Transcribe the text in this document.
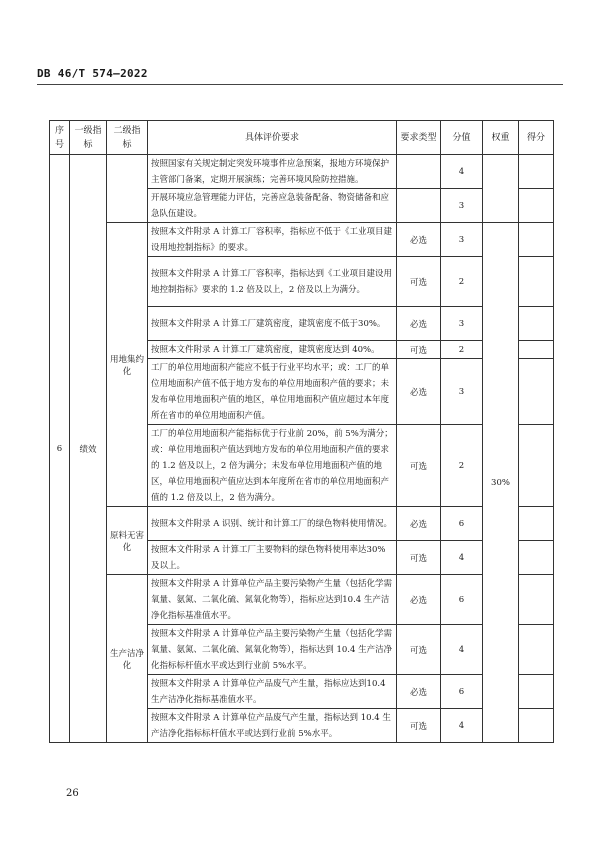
DB 46/T 574—2022
序号	一级指标	二级指标	具体评价要求	要求类型	分值	权重	得分
6	绩效		按照国家有关规定制定突发环境事件应急预案，报地方环境保护主管部门备案，定期开展演练；完善环境风险防控措施。		4		
			开展环境应急管理能力评估，完善应急装备配备、物资储备和应急队伍建设。		3		
		用地集约化	按照本文件附录 A 计算工厂容积率，指标应不低于《工业项目建设用地控制指标》的要求。	必选	3	30%	
			按照本文件附录 A 计算工厂容积率，指标达到《工业项目建设用地控制指标》要求的 1.2 倍及以上，2 倍及以上为满分。	可选	2		
			按照本文件附录 A 计算工厂建筑密度，建筑密度不低于30%。	必选	3		
			按照本文件附录 A 计算工厂建筑密度，建筑密度达到 40%。	可选	2		
			工厂的单位用地面积产能应不低于行业平均水平；或：工厂的单位用地面积产值不低于地方发布的单位用地面积产值的要求；未发布单位用地面积产值的地区，单位用地面积产值应超过本年度所在省市的单位用地面积产值。	必选	3		
			工厂的单位用地面积产能指标优于行业前 20%，前 5%为满分；或：单位用地面积产值达到地方发布的单位用地面积产值的要求的 1.2 倍及以上，2 倍为满分；未发布单位用地面积产值的地区，单位用地面积产值应达到本年度所在省市的单位用地面积产值的 1.2 倍及以上，2 倍为满分。	可选	2		
		原料无害化	按照本文件附录 A 识别、统计和计算工厂的绿色物料使用情况。	必选	6		
			按照本文件附录 A 计算工厂主要物料的绿色物料使用率达30%及以上。	可选	4		
		生产洁净化	按照本文件附录 A 计算单位产品主要污染物产生量（包括化学需氧量、氨氮、二氧化硫、氮氧化物等），指标应达到10.4 生产洁净化指标基准值水平。	必选	6		
			按照本文件附录 A 计算单位产品主要污染物产生量（包括化学需氧量、氨氮、二氧化硫、氮氧化物等），指标达到 10.4 生产洁净化指标标杆值水平或达到行业前 5%水平。	可选	4		
			按照本文件附录 A 计算单位产品废气产生量，指标应达到10.4 生产洁净化指标基准值水平。	必选	6		
			按照本文件附录 A 计算单位产品废气产生量，指标达到 10.4 生产洁净化指标标杆值水平或达到行业前 5%水平。	可选	4		
26
